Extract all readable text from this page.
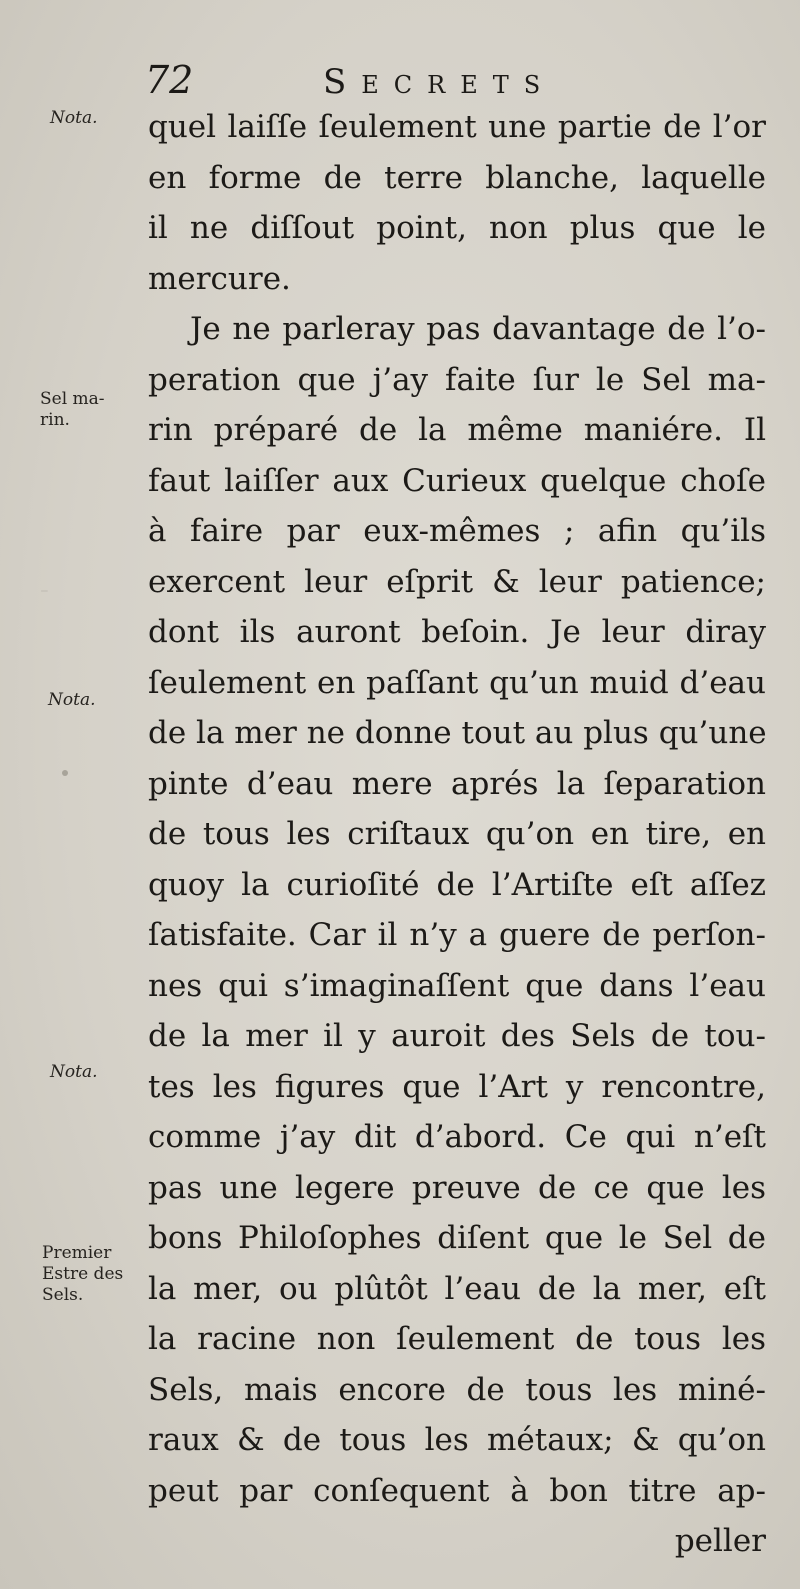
‑
72	Secrets
Nota.

Sel ma-
rin.

Nota.
Nota.

Premier
Estre des
Sels.

quel laiſſe ſeulement une partie de l’or
en forme de terre blanche, laquelle
il ne diſſout point, non plus que le
mercure.
Je ne parleray pas davantage de l’o-
peration que j’ay faite ſur le Sel ma-
rin préparé de la même maniére. Il
faut laiſſer aux Curieux quelque choſe
à faire par eux-mêmes ; afin qu’ils
exercent leur eſprit & leur patience;
dont ils auront beſoin. Je leur diray
ſeulement en paſſant qu’un muid d’eau
de la mer ne donne tout au plus qu’une
pinte d’eau mere aprés la ſeparation
de tous les criſtaux qu’on en tire, en
quoy la curioſité de l’Artiſte eſt aſſez
ſatisfaite. Car il n’y a guere de perſon-
nes qui s’imaginaſſent que dans l’eau
de la mer il y auroit des Sels de tou-
tes les figures que l’Art y rencontre,
comme j’ay dit d’abord. Ce qui n’eſt
pas une legere preuve de ce que les
bons Philoſophes diſent que le Sel de
la mer, ou plûtôt l’eau de la mer, eſt
la racine non ſeulement de tous les
Sels, mais encore de tous les miné-
raux & de tous les métaux; & qu’on
peut par conſequent à bon titre ap-
peller
